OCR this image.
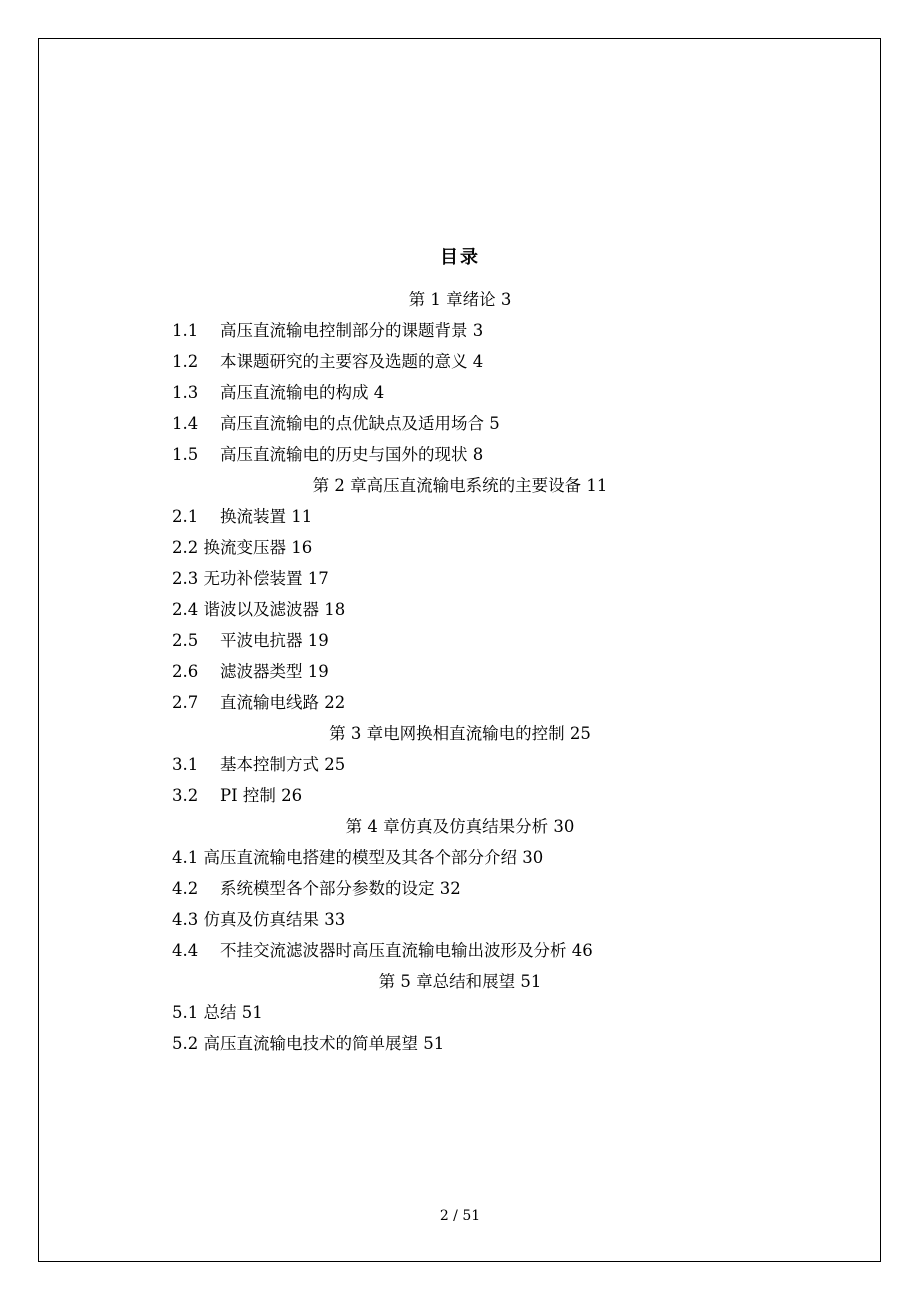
目录
第 1 章绪论 3
1.1　 高压直流输电控制部分的课题背景 3
1.2　 本课题研究的主要容及选题的意义 4
1.3　 高压直流输电的构成 4
1.4　 高压直流输电的点优缺点及适用场合 5
1.5　 高压直流输电的历史与国外的现状 8
第 2 章高压直流输电系统的主要设备 11
2.1　 换流装置 11
2.2 换流变压器 16
2.3 无功补偿装置 17
2.4 谐波以及滤波器 18
2.5　 平波电抗器 19
2.6　 滤波器类型 19
2.7　 直流输电线路 22
第 3 章电网换相直流输电的控制 25
3.1　 基本控制方式 25
3.2　 PI 控制 26
第 4 章仿真及仿真结果分析 30
4.1 高压直流输电搭建的模型及其各个部分介绍 30
4.2　 系统模型各个部分参数的设定 32
4.3 仿真及仿真结果 33
4.4　 不挂交流滤波器时高压直流输电输出波形及分析 46
第 5 章总结和展望 51
5.1 总结 51
5.2 高压直流输电技术的简单展望 51
2 / 51
